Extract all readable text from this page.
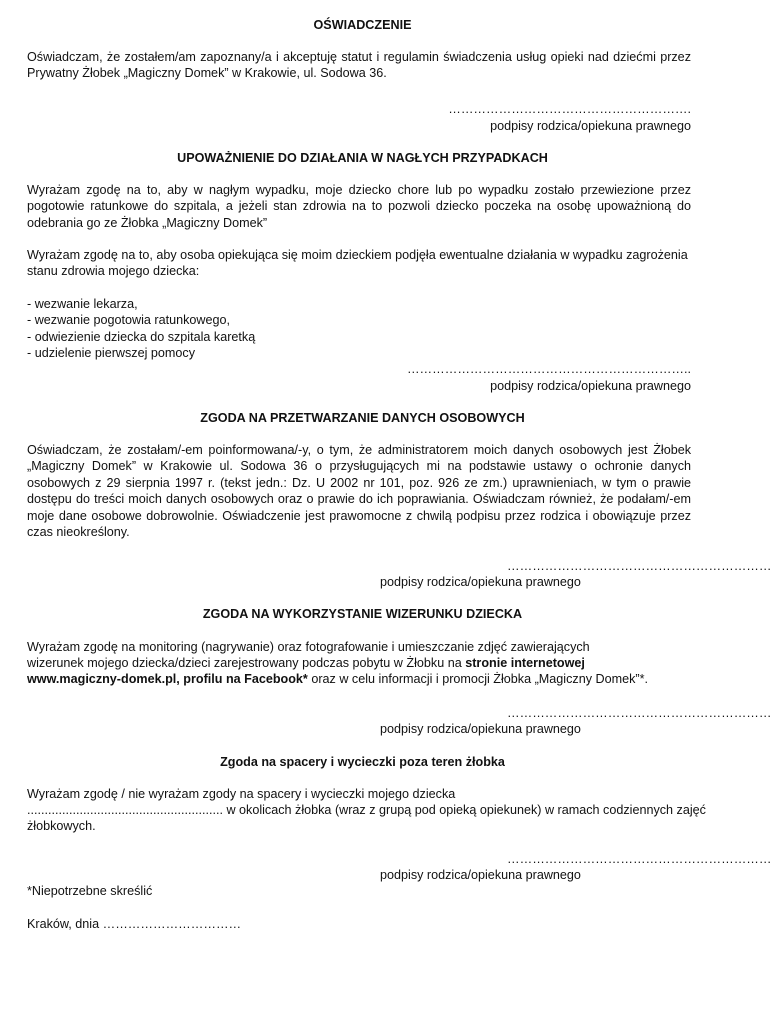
OŚWIADCZENIE

Oświadczam, że zostałem/am zapoznany/a i akceptuję statut i regulamin świadczenia usług opieki nad dziećmi przez Prywatny Żłobek „Magiczny Domek” w Krakowie, ul. Sodowa 36.

………………………………………………….
podpisy rodzica/opiekuna prawnego
UPOWAŻNIENIE DO DZIAŁANIA W NAGŁYCH PRZYPADKACH

Wyrażam zgodę na to, aby w nagłym wypadku, moje dziecko chore lub po wypadku zostało przewiezione przez pogotowie ratunkowe do szpitala, a jeżeli stan zdrowia na to pozwoli dziecko poczeka na osobę upoważnioną do odebrania go ze Żłobka „Magiczny Domek”

Wyrażam zgodę na to, aby osoba opiekująca się moim dzieckiem podjęła ewentualne działania w wypadku zagrożenia stanu zdrowia mojego dziecka:

- wezwanie lekarza,
- wezwanie pogotowia ratunkowego,
- odwiezienie dziecka do szpitala karetką
- udzielenie pierwszej pomocy
…………………………………………………………..
podpisy rodzica/opiekuna prawnego
ZGODA NA PRZETWARZANIE DANYCH OSOBOWYCH

Oświadczam, że zostałam/-em poinformowana/-y, o tym, że administratorem moich danych osobowych jest Żłobek „Magiczny Domek” w Krakowie ul. Sodowa 36 o przysługujących mi na podstawie ustawy o ochronie danych osobowych z 29 sierpnia 1997 r. (tekst jedn.: Dz. U 2002 nr 101, poz. 926 ze zm.) uprawnieniach, w tym o prawie dostępu do treści moich danych osobowych oraz o prawie do ich poprawiania. Oświadczam również, że podałam/-em moje dane osobowe dobrowolnie. Oświadczenie jest prawomocne z chwilą podpisu przez rodzica i obowiązuje przez czas nieokreślony.

………………………………………………………
podpisy rodzica/opiekuna prawnego
ZGODA NA WYKORZYSTANIE WIZERUNKU DZIECKA
Wyrażam zgodę na monitoring (nagrywanie) oraz fotografowanie i umieszczanie zdjęć zawierających
wizerunek mojego dziecka/dzieci zarejestrowany podczas pobytu w Żłobku na stronie internetowej
www.magiczny-domek.pl, profilu na Facebook* oraz w celu informacji i promocji Żłobka „Magiczny Domek”*.
………………………………………………………
podpisy rodzica/opiekuna prawnego
Zgoda na spacery i wycieczki poza teren żłobka
Wyrażam zgodę / nie wyrażam zgody na spacery i wycieczki mojego dziecka
........................................................ w okolicach żłobka (wraz z grupą pod opieką opiekunek) w ramach codziennych zajęć
żłobkowych.
………………………………………………………
podpisy rodzica/opiekuna prawnego
*Niepotrzebne skreślić
Kraków, dnia ……………………………
